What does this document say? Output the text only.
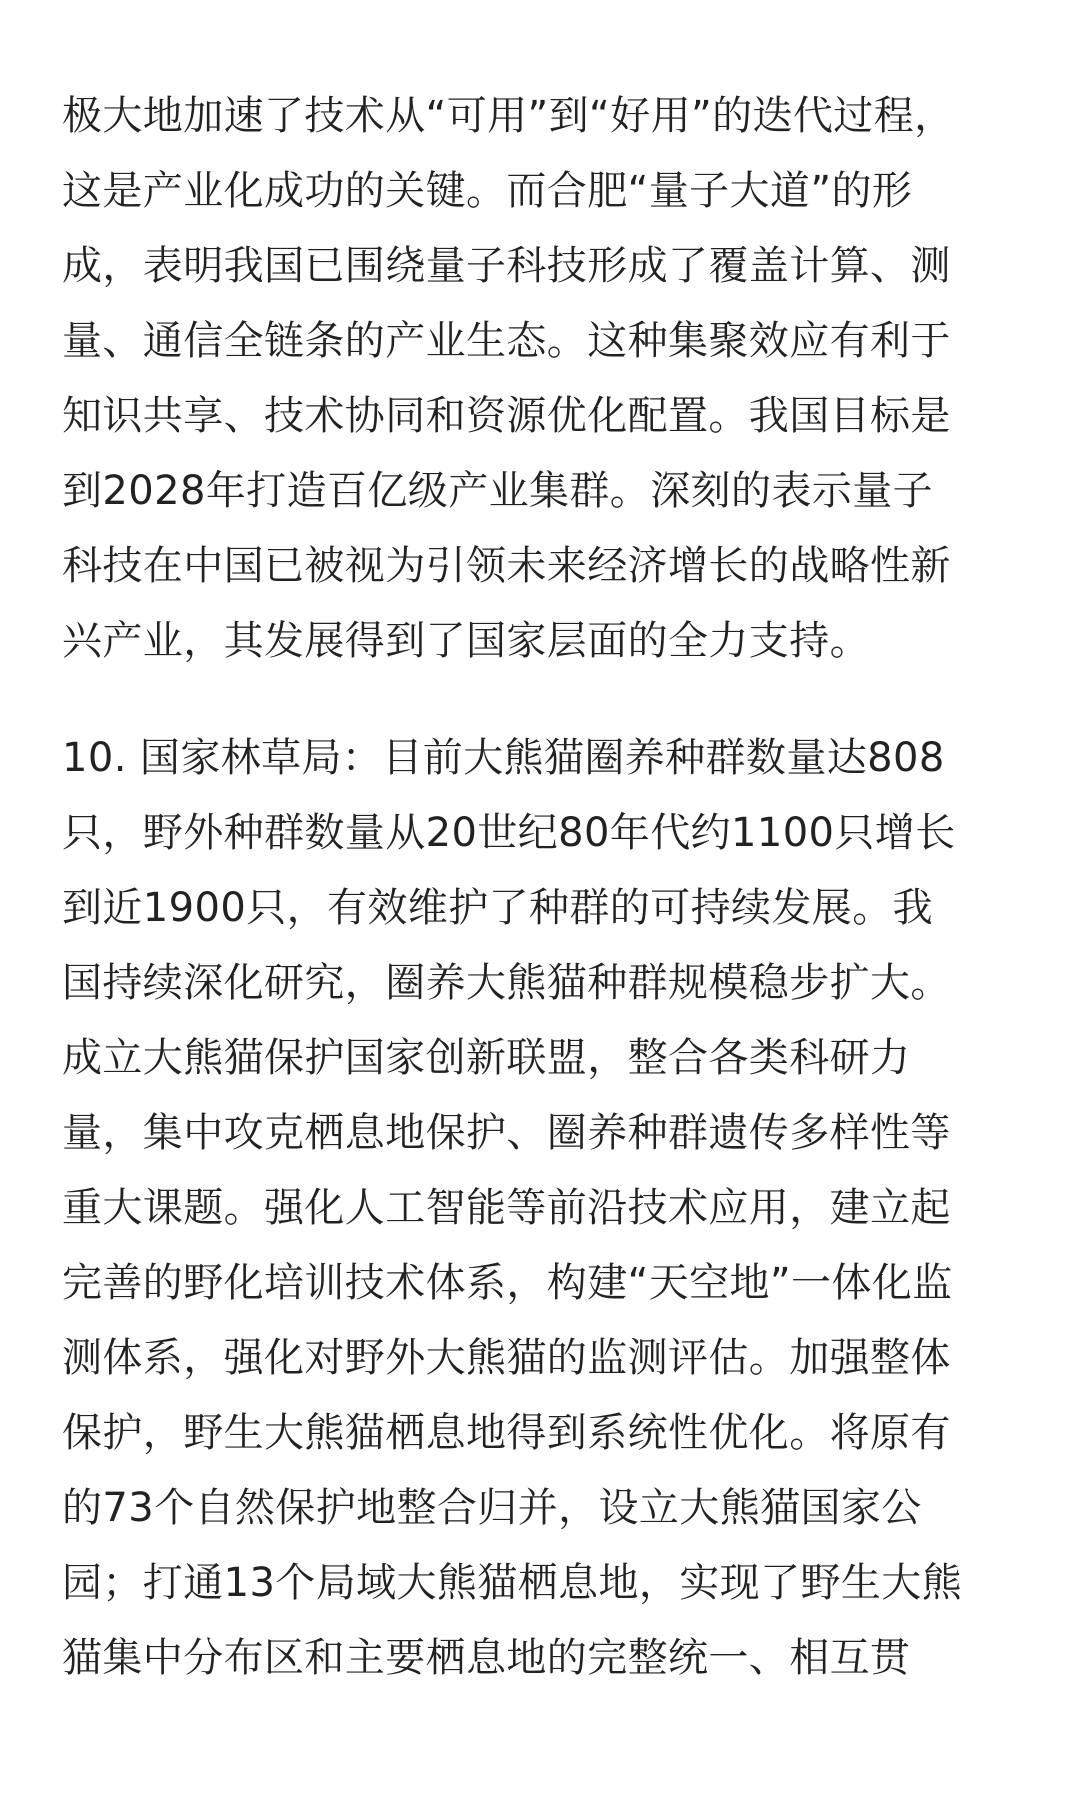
极大地加速了技术从“可用”到“好用”的迭代过程，
这是产业化成功的关键。而合肥“量子大道”的形
成，表明我国已围绕量子科技形成了覆盖计算、测
量、通信全链条的产业生态。这种集聚效应有利于
知识共享、技术协同和资源优化配置。我国目标是
到2028年打造百亿级产业集群。深刻的表示量子
科技在中国已被视为引领未来经济增长的战略性新
兴产业，其发展得到了国家层面的全力支持。

10. 国家林草局：目前大熊猫圈养种群数量达808
只，野外种群数量从20世纪80年代约1100只增长
到近1900只，有效维护了种群的可持续发展。我
国持续深化研究，圈养大熊猫种群规模稳步扩大。
成立大熊猫保护国家创新联盟，整合各类科研力
量，集中攻克栖息地保护、圈养种群遗传多样性等
重大课题。强化人工智能等前沿技术应用，建立起
完善的野化培训技术体系，构建“天空地”一体化监
测体系，强化对野外大熊猫的监测评估。加强整体
保护，野生大熊猫栖息地得到系统性优化。将原有
的73个自然保护地整合归并，设立大熊猫国家公
园；打通13个局域大熊猫栖息地，实现了野生大熊
猫集中分布区和主要栖息地的完整统一、相互贯
